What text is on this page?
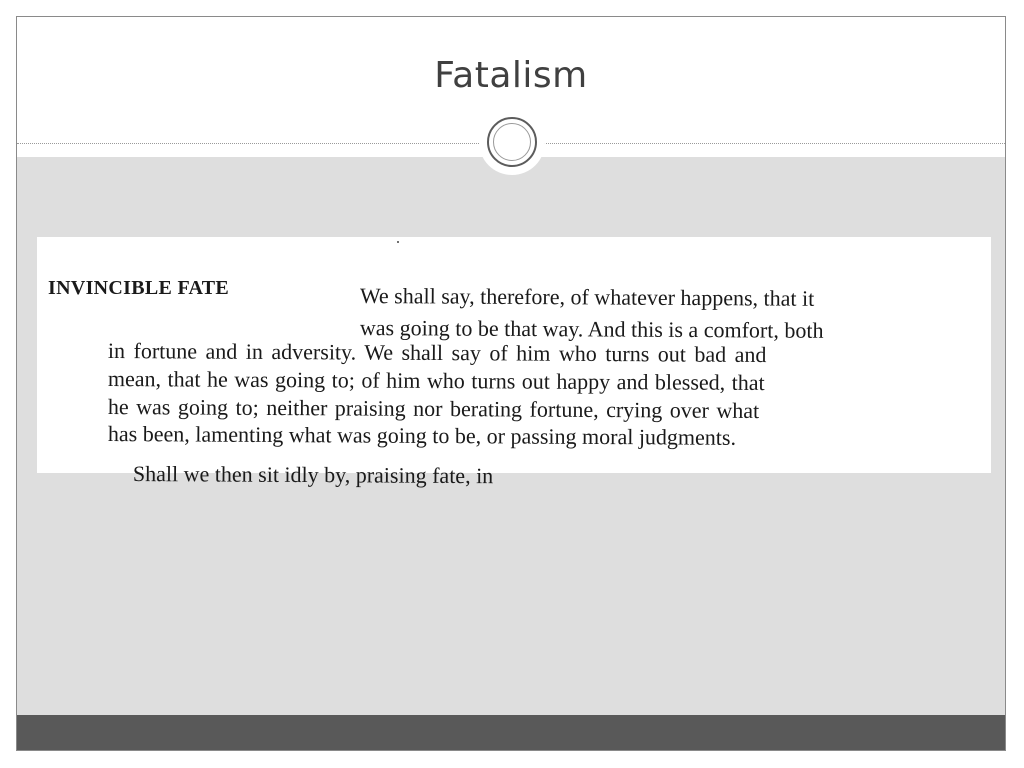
Fatalism
INVINCIBLE FATE	We shall say, therefore, of whatever happens, that it
was going to be that way. And this is a comfort, both
in fortune and in adversity. We shall say of him who turns out bad and
mean, that he was going to; of him who turns out happy and blessed, that
he was going to; neither praising nor berating fortune, crying over what
has been, lamenting what was going to be, or passing moral judgments.
Shall we then sit idly by, praising fate, in
